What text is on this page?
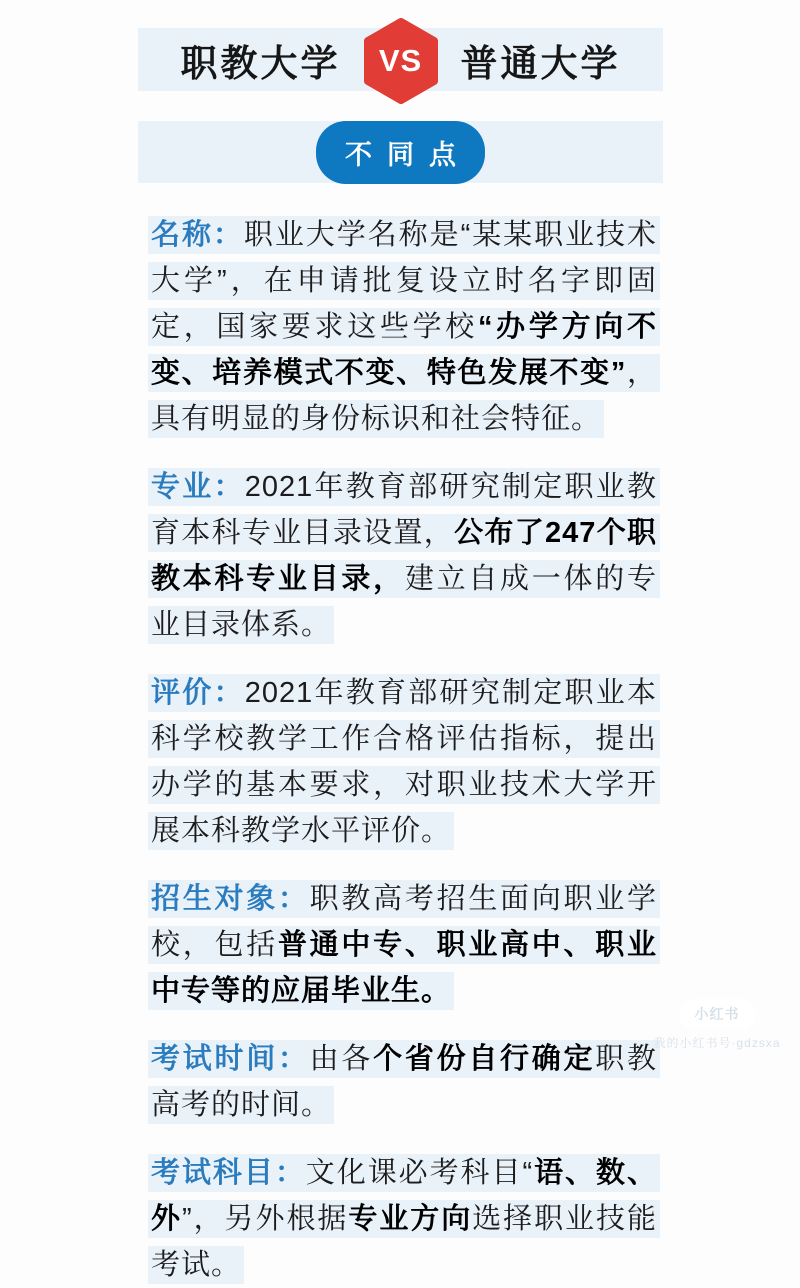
职教大学	VS	普通大学
不同点

名称：职业大学名称是“某某职业技术大学”，在申请批复设立时名字即固定，国家要求这些学校“办学方向不变、培养模式不变、特色发展不变”，具有明显的身份标识和社会特征。

专业：2021年教育部研究制定职业教育本科专业目录设置，公布了247个职教本科专业目录，建立自成一体的专业目录体系。

评价：2021年教育部研究制定职业本科学校教学工作合格评估指标，提出办学的基本要求，对职业技术大学开展本科教学水平评价。

招生对象：职教高考招生面向职业学校，包括普通中专、职业高中、职业中专等的应届毕业生。

考试时间：由各个省份自行确定职教高考的时间。

考试科目：文化课必考科目“语、数、外”，另外根据专业方向选择职业技能考试。

小红书
我的小红书号·gdzsxa
